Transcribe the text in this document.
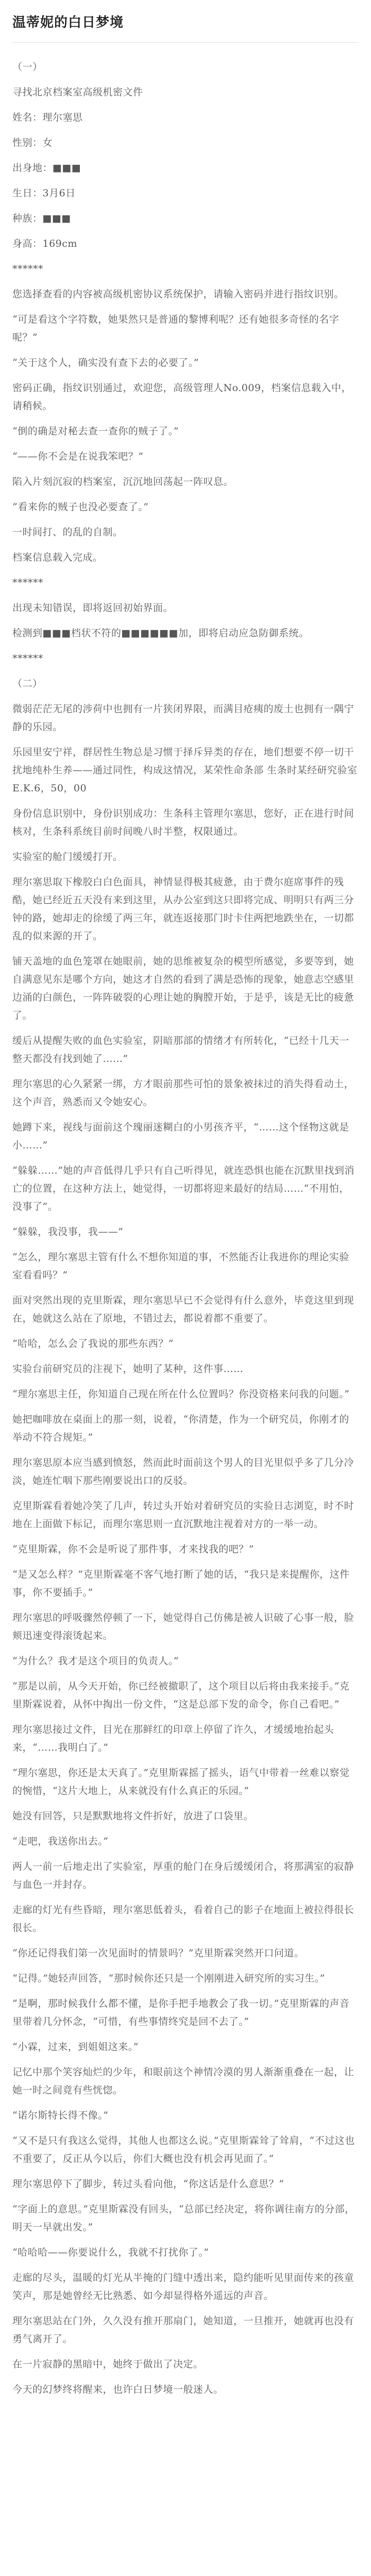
温蒂妮的白日梦境

（一）

寻找北京档案室高级机密文件

姓名：理尔塞思

性别：女

出身地：■■■

生日：3月6日

种族：■■■

身高：169cm

******

您选择查看的内容被高级机密协议系统保护，请输入密码并进行指纹识别。

“可是看这个字符数，她果然只是普通的黎博利呢？还有她很多奇怪的名字呢？”

“关于这个人，确实没有查下去的必要了。”

密码正确，指纹识别通过，欢迎您，高级管理人No.009，档案信息载入中，请稍候。

“倒的确是对秘去查一查你的贼子了。”

“——你不会是在说我笨吧？”

陷入片刻沉寂的档案室，沉沉地回荡起一阵叹息。

“看来你的贼子也没必要查了。”

一时间打、的乱的自制。

档案信息载入完成。

******

出现未知错误，即将返回初始界面。

检测到■■■档状不符的■■■■■■加，即将启动应急防御系统。

******

（二）

微弱茫茫无尾的涉荷中也拥有一片狭闭界限，而满目疮痍的废土也拥有一隅宁静的乐园。

乐园里安宁祥，群居性生物总是习惯于择斥异类的存在，地们想要不停一切干扰地纯朴生养——通过同性，构成这情况，某荣性命条部 生条时某经研究验室 E.K.6，50，00

身份信息识别中，身份识别成功：生条科主管理尔塞思，您好，正在进行时间核对，生条科系统目前时间晚八时半整，权限通过。

实验室的舱门缓缓打开。

理尔塞思取下橡胶白白色面具，神情显得极其疲惫，由于费尔庭席事件的残酷，她已经近五天没有来到这里，从办公室到这只即将完成、明明只有两三分钟的路，她却走的徐缓了两三年，就连返接那门时卡住两把地跌坐在，一切都乱的似来源的开了。

铺天盖地的血色笼罩在她眼前，她的思维被复杂的模型所感觉，多要等到，她自满意见东是哪个方向，她这才自然的看到了满是恐怖的现象，她意志空感里边涌的白颜色，一阵阵破裂的心理让她的胸膛开始，于是乎，该是无比的疲惫了。

缓后从提醒失败的血色实验室，阴暗那部的情绪才有所转化，“已经十几天一整天都没有找到她了……”

理尔塞思的心久紧紧一绑，方才眼前那些可怕的景象被抹过的消失得看动土，这个声音，熟悉而又令她安心。

她蹲下来，视线与面前这个瑰丽迷糊白的小男孩齐平，“……这个怪物这就是小……”

“躲躲……”她的声音低得几乎只有自己听得见，就连恐惧也能在沉默里找到消亡的位置，在这种方法上，她觉得，一切都将迎来最好的结局……“不用怕，没事了”。

“躲躲，我没事，我——”

“怎么，理尔塞思主管有什么不想你知道的事，不然能否让我进你的理论实验室看看吗？”

面对突然出现的克里斯霖，理尔塞思早已不会觉得有什么意外，毕竟这里到现在，她就这么站在了原地，不错过去，都说着都不重要了。

“哈哈，怎么会了我说的那些东西？”

实验台前研究员的注视下，她明了某种，这件事……

“理尔塞思主任，你知道自己现在所在什么位置吗？你没资格来问我的问题。”

她把咖啡放在桌面上的那一刻，说着，“你清楚，作为一个研究员，你刚才的举动不符合规矩。”

理尔塞思原本应当感到愤怒，然而此时面前这个男人的目光里似乎多了几分冷淡，她连忙咽下那些刚要说出口的反驳。

克里斯霖看着她冷笑了几声，转过头开始对着研究员的实验日志浏览，时不时地在上面做下标记，而理尔塞思则一直沉默地注视着对方的一举一动。

“克里斯霖，你不会是听说了那件事，才来找我的吧？”

“是又怎么样？”克里斯霖毫不客气地打断了她的话，“我只是来提醒你，这件事，你不要插手。”

理尔塞思的呼吸骤然停顿了一下，她觉得自己仿佛是被人识破了心事一般，脸颊迅速变得滚烫起来。

“为什么？我才是这个项目的负责人。”

“那是以前，从今天开始，你已经被撤职了，这个项目以后将由我来接手。”克里斯霖说着，从怀中掏出一份文件，“这是总部下发的命令，你自己看吧。”

理尔塞思接过文件，目光在那鲜红的印章上停留了许久，才缓缓地抬起头来，“……我明白了。”

“理尔塞思，你还是太天真了。”克里斯霖摇了摇头，语气中带着一丝难以察觉的惋惜，“这片大地上，从来就没有什么真正的乐园。”

她没有回答，只是默默地将文件折好，放进了口袋里。

“走吧，我送你出去。”

两人一前一后地走出了实验室，厚重的舱门在身后缓缓闭合，将那满室的寂静与血色一并封存。

走廊的灯光有些昏暗，理尔塞思低着头，看着自己的影子在地面上被拉得很长很长。

“你还记得我们第一次见面时的情景吗？”克里斯霖突然开口问道。

“记得。”她轻声回答，“那时候你还只是一个刚刚进入研究所的实习生。”

“是啊，那时候我什么都不懂，是你手把手地教会了我一切。”克里斯霖的声音里带着几分怀念，“可惜，有些事情终究是回不去了。”

“小霖，过来，到姐姐这来。”

记忆中那个笑容灿烂的少年，和眼前这个神情冷漠的男人渐渐重叠在一起，让她一时之间竟有些恍惚。

“诺尔斯特长得不像。”

“又不是只有我这么觉得，其他人也都这么说。”克里斯霖耸了耸肩，“不过这也不重要了，反正从今以后，你们大概也没有机会再见面了。”

理尔塞思停下了脚步，转过头看向他，“你这话是什么意思？”

“字面上的意思。”克里斯霖没有回头，“总部已经决定，将你调往南方的分部，明天一早就出发。”

“哈哈哈——你要说什么，我就不打扰你了。”

走廊的尽头，温暖的灯光从半掩的门缝中透出来，隐约能听见里面传来的孩童笑声，那是她曾经无比熟悉、如今却显得格外遥远的声音。

理尔塞思站在门外，久久没有推开那扇门，她知道，一旦推开，她就再也没有勇气离开了。

在一片寂静的黑暗中，她终于做出了决定。

今天的幻梦终将醒来，也许白日梦境一般迷人。
